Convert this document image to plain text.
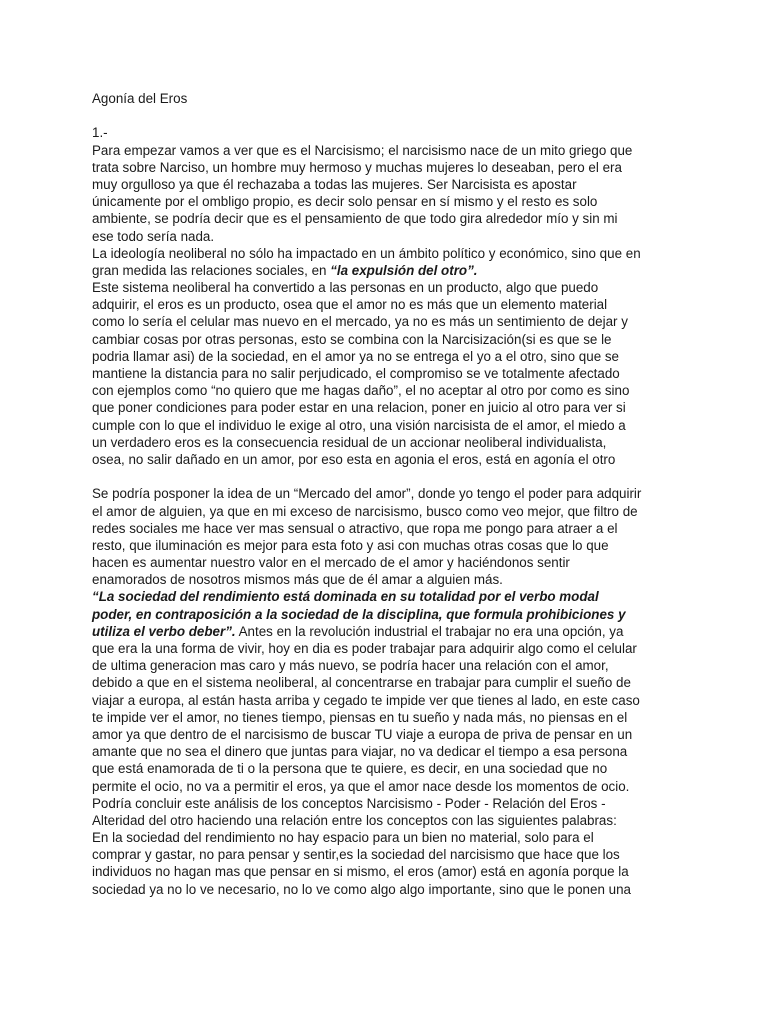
Agonía del Eros
1.-
Para empezar vamos a ver que es el Narcisismo; el narcisismo nace de un mito griego que
trata sobre Narciso, un hombre muy hermoso y muchas mujeres lo deseaban, pero el era
muy orgulloso ya que él rechazaba a todas las mujeres. Ser Narcisista es apostar
únicamente por el ombligo propio, es decir solo pensar en sí mismo y el resto es solo
ambiente, se podría decir que es el pensamiento de que todo gira alrededor mío y sin mi
ese todo sería nada.
La ideología neoliberal no sólo ha impactado en un ámbito político y económico, sino que en
gran medida las relaciones sociales, en “la expulsión del otro”.
Este sistema neoliberal ha convertido a las personas en un producto, algo que puedo
adquirir, el eros es un producto, osea que el amor no es más que un elemento material
como lo sería el celular mas nuevo en el mercado, ya no es más un sentimiento de dejar y
cambiar cosas por otras personas, esto se combina con la Narcisización(si es que se le
podria llamar asi) de la sociedad, en el amor ya no se entrega el yo a el otro, sino que se
mantiene la distancia para no salir perjudicado, el compromiso se ve totalmente afectado
con ejemplos como “no quiero que me hagas daño”, el no aceptar al otro por como es sino
que poner condiciones para poder estar en una relacion, poner en juicio al otro para ver si
cumple con lo que el individuo le exige al otro, una visión narcisista de el amor, el miedo a
un verdadero eros es la consecuencia residual de un accionar neoliberal individualista,
osea, no salir dañado en un amor, por eso esta en agonia el eros, está en agonía el otro
Se podría posponer la idea de un “Mercado del amor”, donde yo tengo el poder para adquirir
el amor de alguien, ya que en mi exceso de narcisismo, busco como veo mejor, que filtro de
redes sociales me hace ver mas sensual o atractivo, que ropa me pongo para atraer a el
resto, que iluminación es mejor para esta foto y asi con muchas otras cosas que lo que
hacen es aumentar nuestro valor en el mercado de el amor y haciéndonos sentir
enamorados de nosotros mismos más que de él amar a alguien más.
“La sociedad del rendimiento está dominada en su totalidad por el verbo modal
poder, en contraposición a la sociedad de la disciplina, que formula prohibiciones y
utiliza el verbo deber”. Antes en la revolución industrial el trabajar no era una opción, ya
que era la una forma de vivir, hoy en dia es poder trabajar para adquirir algo como el celular
de ultima generacion mas caro y más nuevo, se podría hacer una relación con el amor,
debido a que en el sistema neoliberal, al concentrarse en trabajar para cumplir el sueño de
viajar a europa, al están hasta arriba y cegado te impide ver que tienes al lado, en este caso
te impide ver el amor, no tienes tiempo, piensas en tu sueño y nada más, no piensas en el
amor ya que dentro de el narcisismo de buscar TU viaje a europa de priva de pensar en un
amante que no sea el dinero que juntas para viajar, no va dedicar el tiempo a esa persona
que está enamorada de ti o la persona que te quiere, es decir, en una sociedad que no
permite el ocio, no va a permitir el eros, ya que el amor nace desde los momentos de ocio.
Podría concluir este análisis de los conceptos Narcisismo - Poder - Relación del Eros -
Alteridad del otro haciendo una relación entre los conceptos con las siguientes palabras:
En la sociedad del rendimiento no hay espacio para un bien no material, solo para el
comprar y gastar, no para pensar y sentir,es la sociedad del narcisismo que hace que los
individuos no hagan mas que pensar en si mismo, el eros (amor) está en agonía porque la
sociedad ya no lo ve necesario, no lo ve como algo algo importante, sino que le ponen una
